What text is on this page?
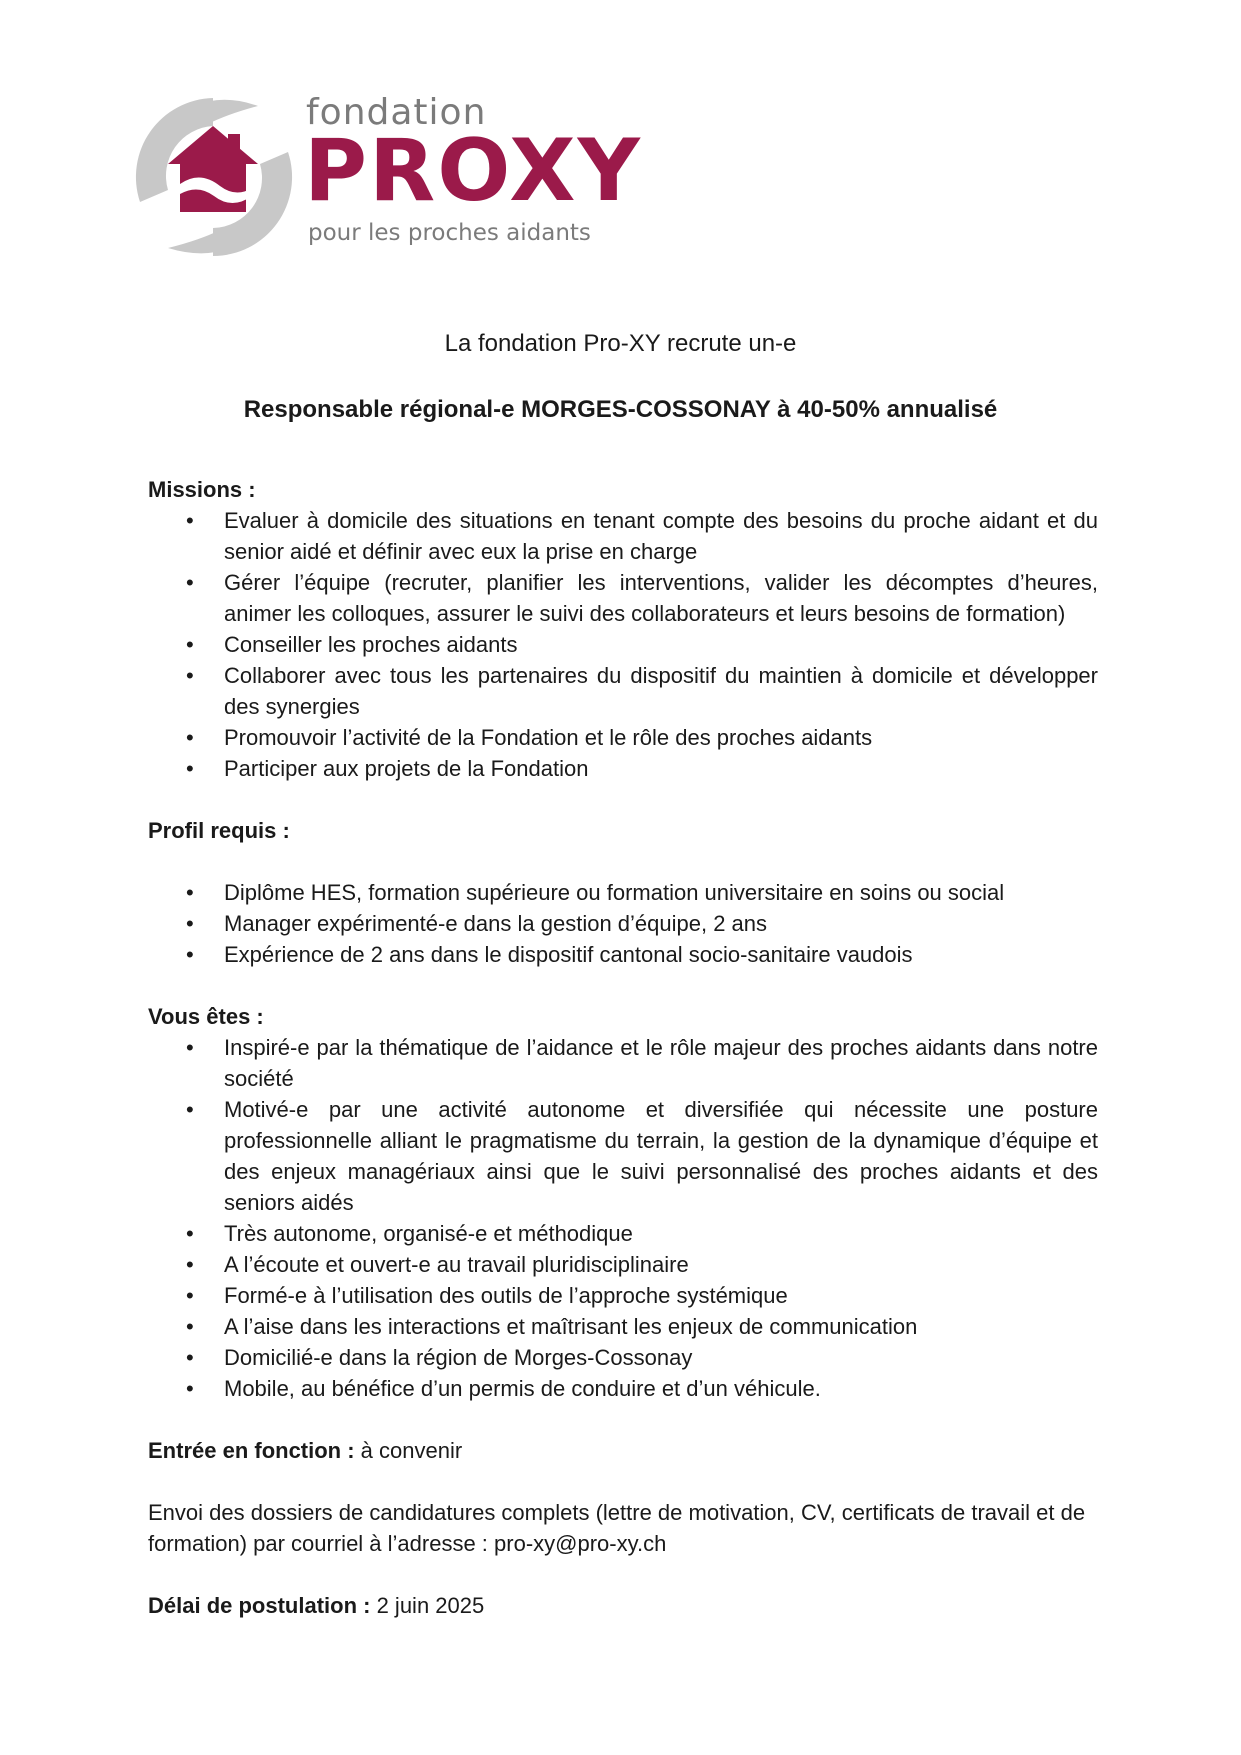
fondation
PROXY
pour les proches aidants
La fondation Pro-XY recrute un-e
Responsable régional-e MORGES-COSSONAY à 40-50% annualisé
Missions :
• Evaluer à domicile des situations en tenant compte des besoins du proche aidant et du senior aidé et définir avec eux la prise en charge
• Gérer l’équipe (recruter, planifier les interventions, valider les décomptes d’heures, animer les colloques, assurer le suivi des collaborateurs et leurs besoins de formation)
• Conseiller les proches aidants
• Collaborer avec tous les partenaires du dispositif du maintien à domicile et développer des synergies
• Promouvoir l’activité de la Fondation et le rôle des proches aidants
• Participer aux projets de la Fondation
Profil requis :
• Diplôme HES, formation supérieure ou formation universitaire en soins ou social
• Manager expérimenté-e dans la gestion d’équipe, 2 ans
• Expérience de 2 ans dans le dispositif cantonal socio-sanitaire vaudois
Vous êtes :
• Inspiré-e par la thématique de l’aidance et le rôle majeur des proches aidants dans notre société
• Motivé-e par une activité autonome et diversifiée qui nécessite une posture professionnelle alliant le pragmatisme du terrain, la gestion de la dynamique d’équipe et des enjeux managériaux ainsi que le suivi personnalisé des proches aidants et des seniors aidés
• Très autonome, organisé-e et méthodique
• A l’écoute et ouvert-e au travail pluridisciplinaire
• Formé-e à l’utilisation des outils de l’approche systémique
• A l’aise dans les interactions et maîtrisant les enjeux de communication
• Domicilié-e dans la région de Morges-Cossonay
• Mobile, au bénéfice d’un permis de conduire et d’un véhicule.

Entrée en fonction : à convenir

Envoi des dossiers de candidatures complets (lettre de motivation, CV, certificats de travail et de formation) par courriel à l’adresse : pro-xy@pro-xy.ch

Délai de postulation : 2 juin 2025
